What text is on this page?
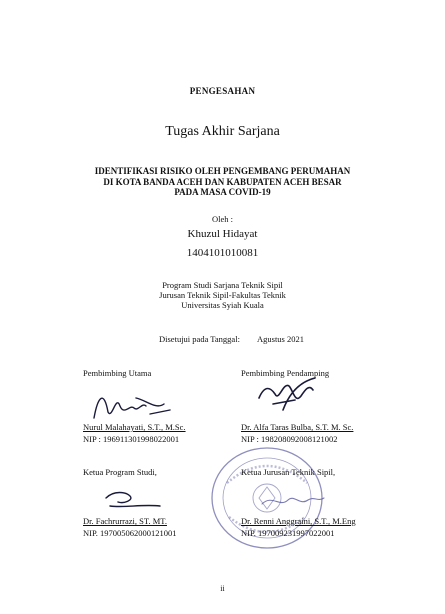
PENGESAHAN
Tugas Akhir Sarjana
IDENTIFIKASI RISIKO OLEH PENGEMBANG PERUMAHAN
DI KOTA BANDA ACEH DAN KABUPATEN ACEH BESAR
PADA MASA COVID-19
Oleh :
Khuzul Hidayat
1404101010081
Program Studi Sarjana Teknik Sipil
Jurusan Teknik Sipil-Fakultas Teknik
Universitas Syiah Kuala
Disetujui pada Tanggal: Agustus 2021
Pembimbing Utama
Nurul Malahayati, S.T., M.Sc.
NIP : 196911301998022001
Pembimbing Pendamping
Dr. Alfa Taras Bulba, S.T. M. Sc.
NIP : 198208092008121002
Ketua Program Studi,
Dr. Fachrurrazi, ST. MT.
NIP. 197005062000121001
Ketua Jurusan Teknik Sipil,
Dr. Renni Anggraini, S.T., M.Eng
NIP. 197009231997022001
ii
